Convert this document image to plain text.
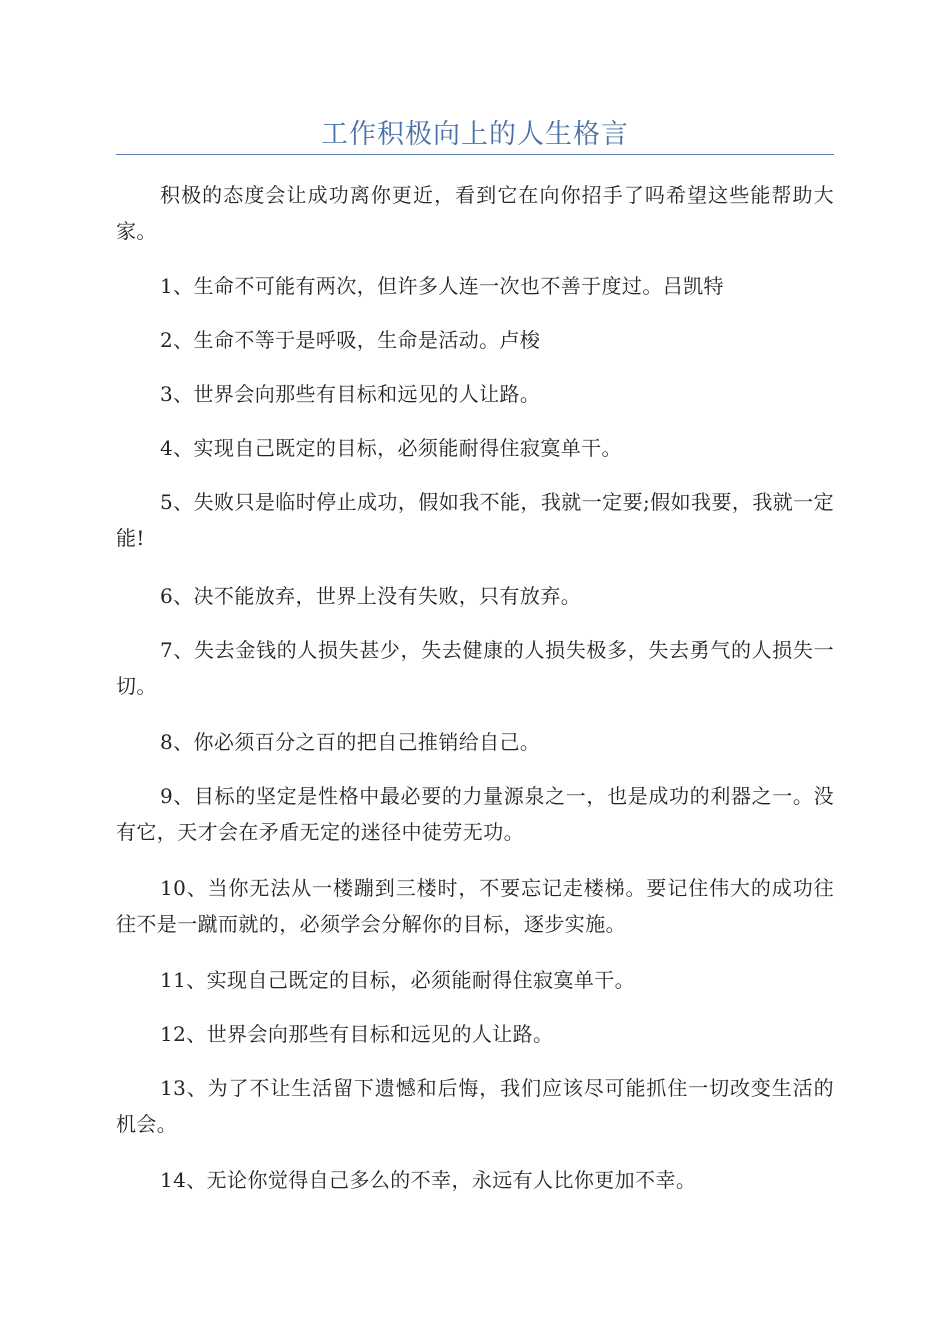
工作积极向上的人生格言

积极的态度会让成功离你更近，看到它在向你招手了吗希望这些能帮助大家。

1、生命不可能有两次，但许多人连一次也不善于度过。吕凯特

2、生命不等于是呼吸，生命是活动。卢梭

3、世界会向那些有目标和远见的人让路。

4、实现自己既定的目标，必须能耐得住寂寞单干。

5、失败只是临时停止成功，假如我不能，我就一定要;假如我要，我就一定能!

6、决不能放弃，世界上没有失败，只有放弃。

7、失去金钱的人损失甚少，失去健康的人损失极多，失去勇气的人损失一切。

8、你必须百分之百的把自己推销给自己。

9、目标的坚定是性格中最必要的力量源泉之一，也是成功的利器之一。没有它，天才会在矛盾无定的迷径中徒劳无功。

10、当你无法从一楼蹦到三楼时，不要忘记走楼梯。要记住伟大的成功往往不是一蹴而就的，必须学会分解你的目标，逐步实施。

11、实现自己既定的目标，必须能耐得住寂寞单干。

12、世界会向那些有目标和远见的人让路。

13、为了不让生活留下遗憾和后悔，我们应该尽可能抓住一切改变生活的机会。

14、无论你觉得自己多么的不幸，永远有人比你更加不幸。
